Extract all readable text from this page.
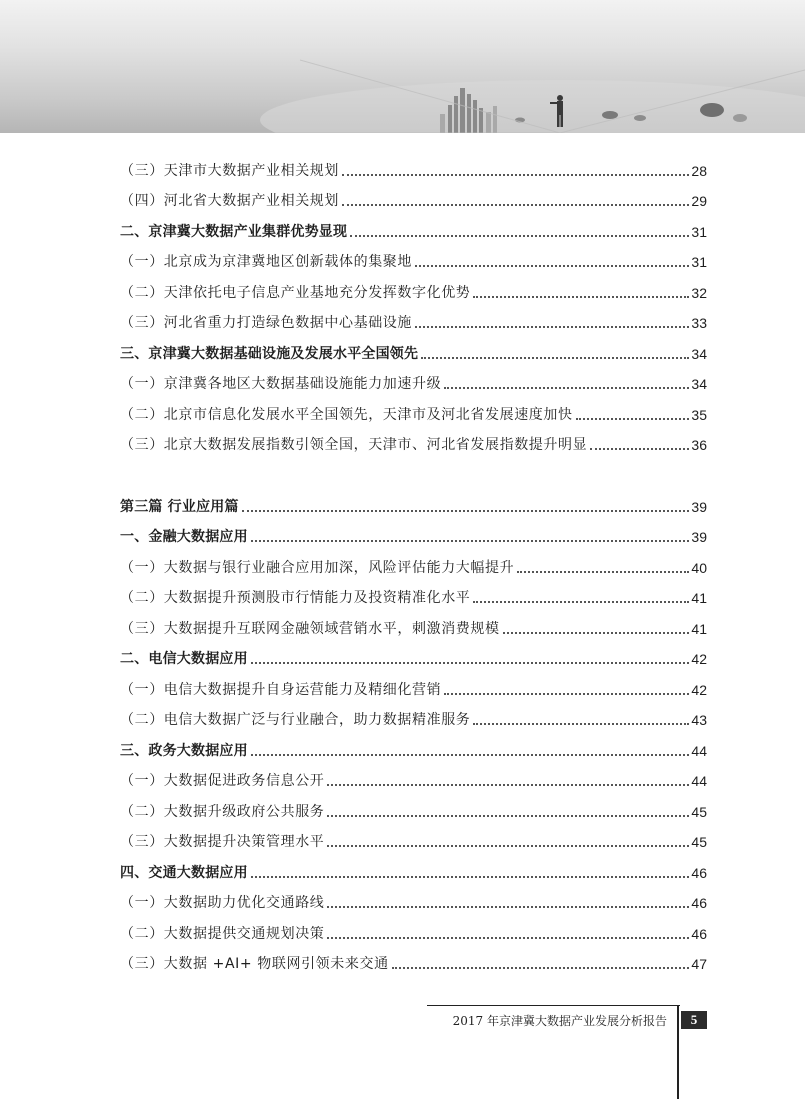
（三）天津市大数据产业相关规划	28
（四）河北省大数据产业相关规划	29
二、京津冀大数据产业集群优势显现	31
（一）北京成为京津冀地区创新载体的集聚地	31
（二）天津依托电子信息产业基地充分发挥数字化优势	32
（三）河北省重力打造绿色数据中心基础设施	33
三、京津冀大数据基础设施及发展水平全国领先	34
（一）京津冀各地区大数据基础设施能力加速升级	34
（二）北京市信息化发展水平全国领先，天津市及河北省发展速度加快	35
（三）北京大数据发展指数引领全国，天津市、河北省发展指数提升明显	36
第三篇 行业应用篇	39
一、金融大数据应用	39
（一）大数据与银行业融合应用加深，风险评估能力大幅提升	40
（二）大数据提升预测股市行情能力及投资精准化水平	41
（三）大数据提升互联网金融领域营销水平，刺激消费规模	41
二、电信大数据应用	42
（一）电信大数据提升自身运营能力及精细化营销	42
（二）电信大数据广泛与行业融合，助力数据精准服务	43
三、政务大数据应用	44
（一）大数据促进政务信息公开	44
（二）大数据升级政府公共服务	45
（三）大数据提升决策管理水平	45
四、交通大数据应用	46
（一）大数据助力优化交通路线	46
（二）大数据提供交通规划决策	46
（三）大数据 +AI+ 物联网引领未来交通	47
2017 年京津冀大数据产业发展分析报告	5
